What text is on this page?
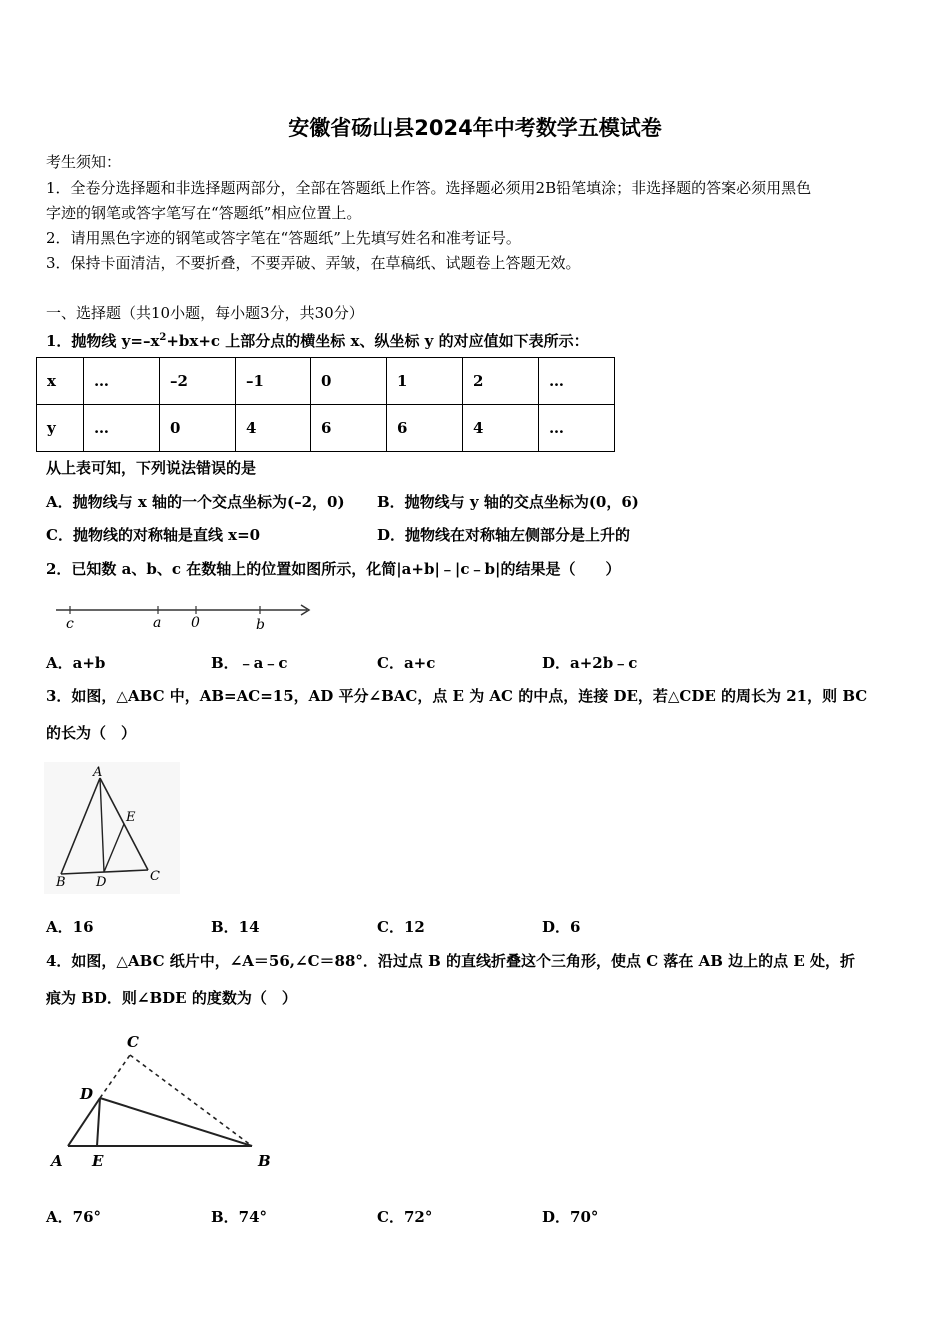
安徽省砀山县2024年中考数学五模试卷
考生须知：
1．全卷分选择题和非选择题两部分，全部在答题纸上作答。选择题必须用2B铅笔填涂；非选择题的答案必须用黑色
字迹的钢笔或答字笔写在“答题纸”相应位置上。
2．请用黑色字迹的钢笔或答字笔在“答题纸”上先填写姓名和准考证号。
3．保持卡面清洁，不要折叠，不要弄破、弄皱，在草稿纸、试题卷上答题无效。
一、选择题（共10小题，每小题3分，共30分）
1．抛物线 $y=-x^2+bx+c$ 上部分点的横坐标 x、纵坐标 y 的对应值如下表所示：
x	…	–2	–1	0	1	2	…
y	…	0	4	6	6	4	…
从上表可知，下列说法错误的是
A．抛物线与 x 轴的一个交点坐标为(–2，0) B．抛物线与 y 轴的交点坐标为(0，6)
C．抛物线的对称轴是直线 x=0	D．抛物线在对称轴左侧部分是上升的
2．已知数 a、b、c 在数轴上的位置如图所示，化简|a+b|﹣|c﹣b|的结果是（　　）
c	a 0	b
A．a+b	B．﹣a﹣c	C．a+c	D．a+2b﹣c
3．如图，△ABC 中，AB=AC=15，AD 平分∠BAC，点 E 为 AC 的中点，连接 DE，若△CDE 的周长为 21，则 BC
的长为（　）
A
E
B D	C
A．16	B．14	C．12	D．6
4．如图，△ABC 纸片中，∠A＝56,∠C＝88°．沿过点 B 的直线折叠这个三角形，使点 C 落在 AB 边上的点 E 处，折
痕为 BD．则∠BDE 的度数为（　）
C
D
A E	B
A．76°	B．74°	C．72°	D．70°
